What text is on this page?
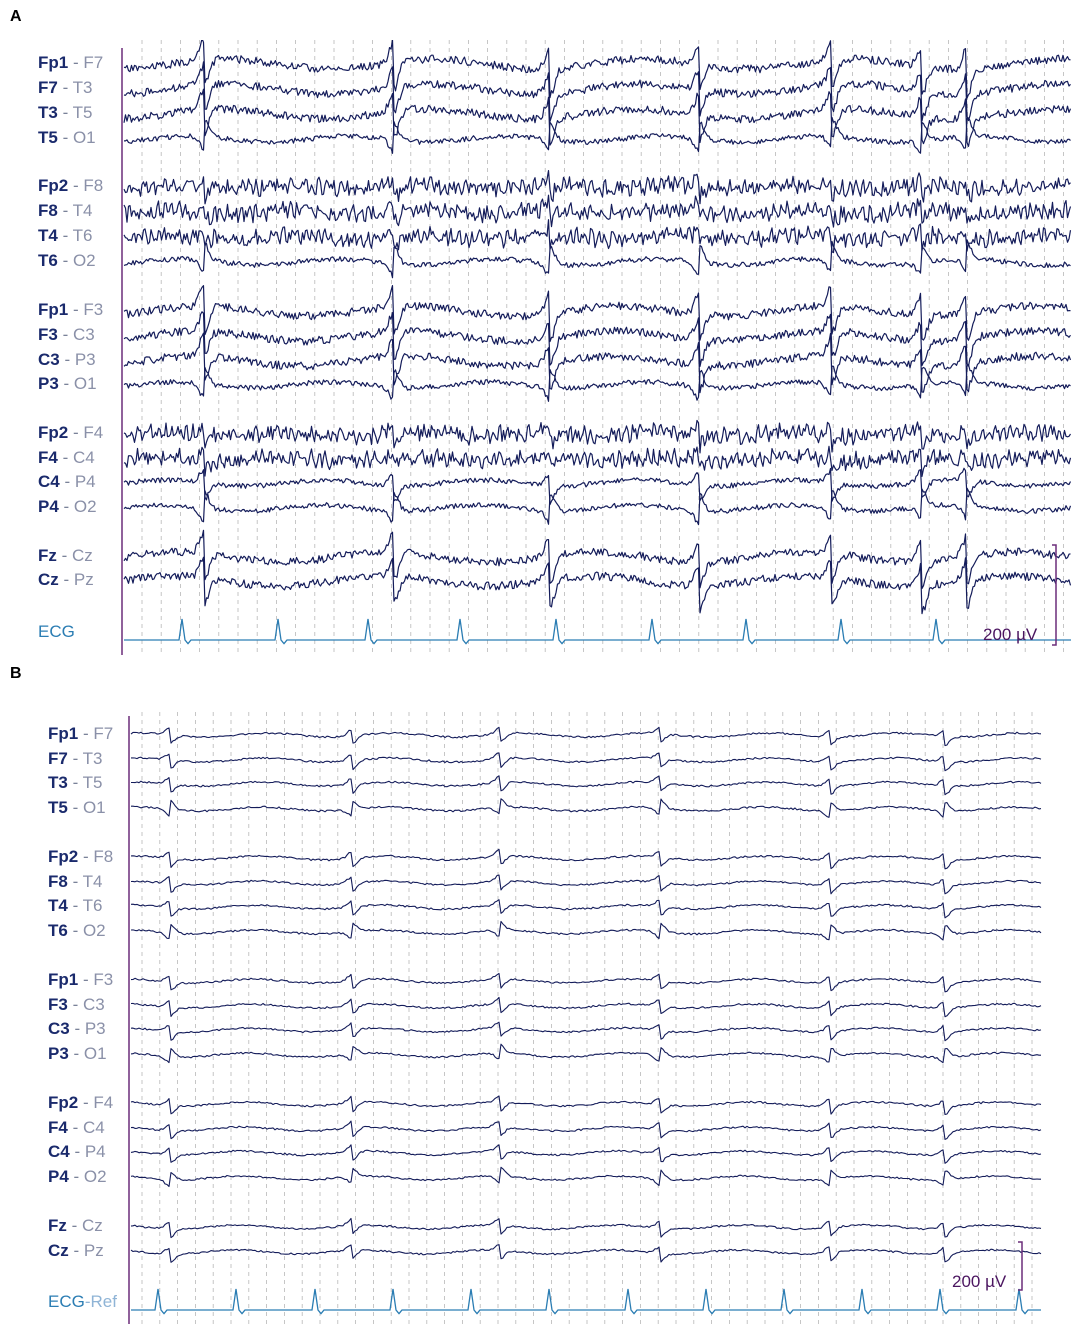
A
Fp1 - F7
F7 - T3
T3 - T5
T5 - O1
Fp2 - F8
F8 - T4
T4 - T6
T6 - O2
Fp1 - F3
F3 - C3
C3 - P3
P3 - O1
Fp2 - F4
F4 - C4
C4 - P4
P4 - O2
Fz - Cz
Cz - Pz
ECG	200 µV
B
Fp1 - F7
F7 - T3
T3 - T5
T5 - O1
Fp2 - F8
F8 - T4
T4 - T6
T6 - O2
Fp1 - F3
F3 - C3
C3 - P3
P3 - O1
Fp2 - F4
F4 - C4
C4 - P4
P4 - O2
Fz - Cz
Cz - Pz
ECG-Ref
200 µV
